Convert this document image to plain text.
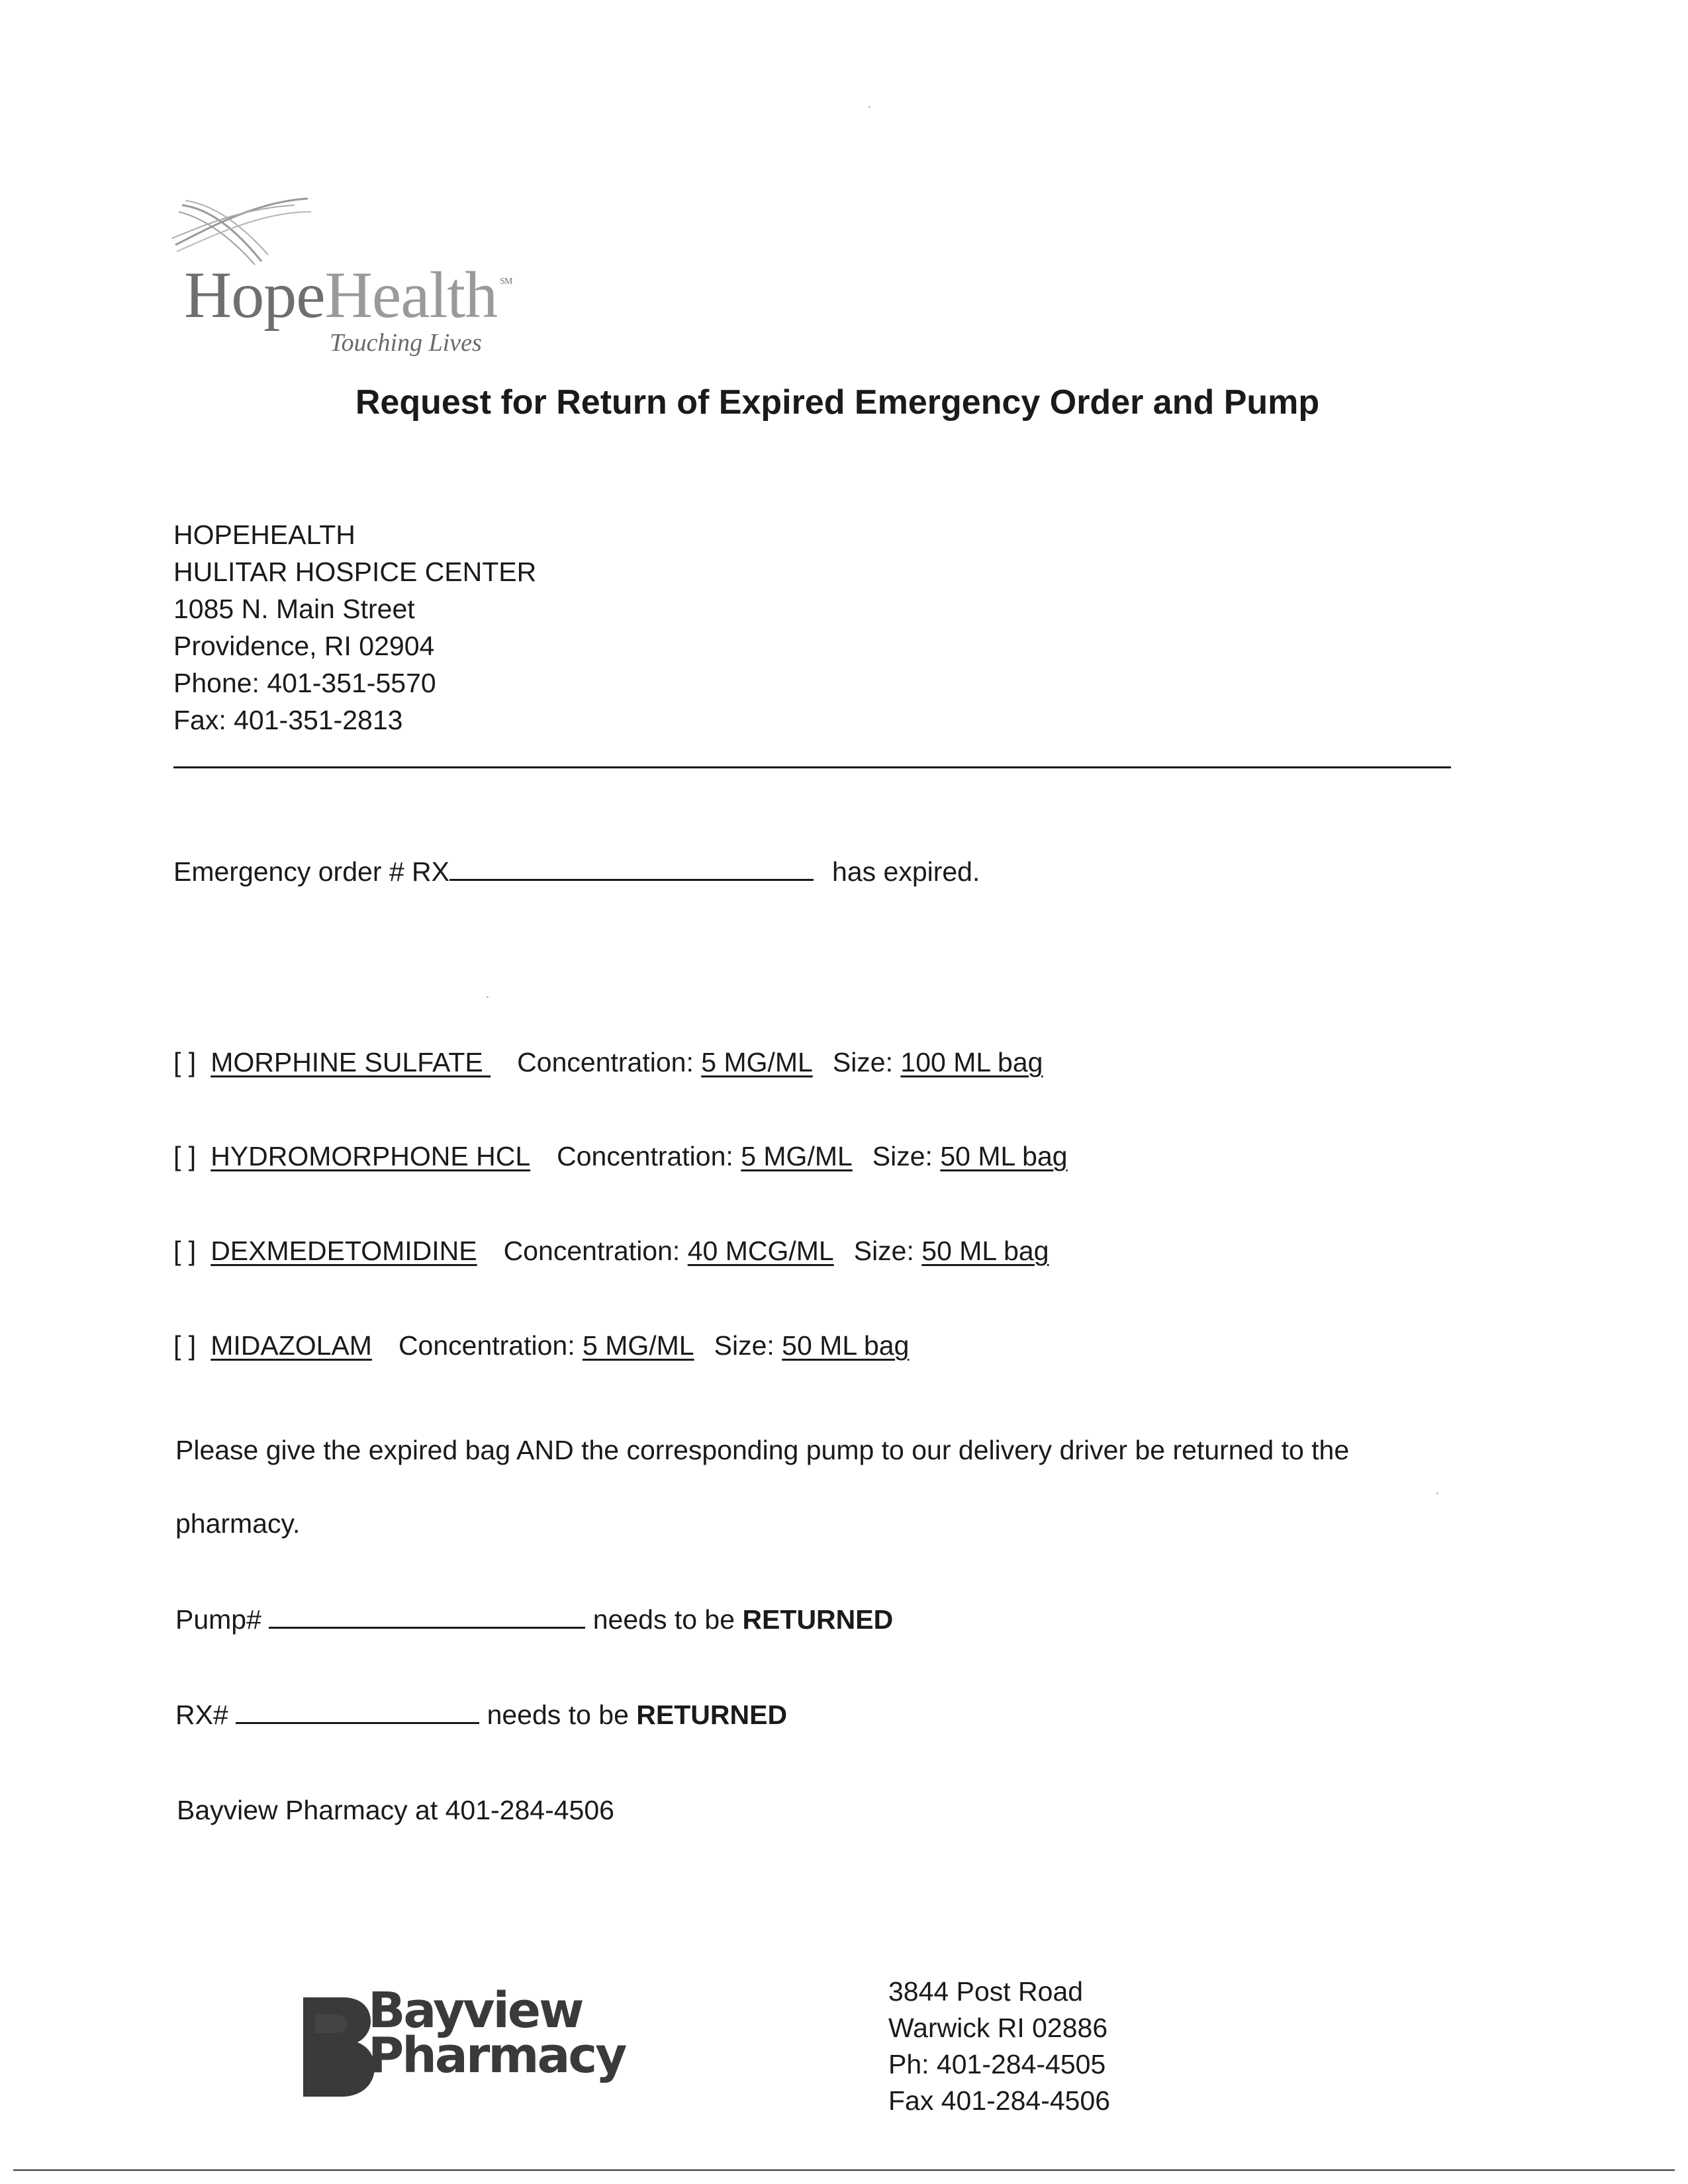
HopeHealth ℠
Touching Lives
Request for Return of Expired Emergency Order and Pump
HOPEHEALTH
HULITAR HOSPICE CENTER
1085 N. Main Street
Providence, RI 02904
Phone: 401-351-5570
Fax: 401-351-2813
Emergency order # RX	has expired.
[ ] MORPHINE SULFATE Concentration: 5 MG/ML Size: 100 ML bag
[ ] HYDROMORPHONE HCL Concentration: 5 MG/ML Size: 50 ML bag
[ ] DEXMEDETOMIDINE Concentration: 40 MCG/ML Size: 50 ML bag
[ ] MIDAZOLAM Concentration: 5 MG/ML Size: 50 ML bag
Please give the expired bag AND the corresponding pump to our delivery driver be returned to the
pharmacy.
Pump#	needs to be RETURNED
RX#	needs to be RETURNED
Bayview Pharmacy at 401-284-4506
Bayview
Pharmacy
3844 Post Road
Warwick RI 02886
Ph: 401-284-4505
Fax 401-284-4506
